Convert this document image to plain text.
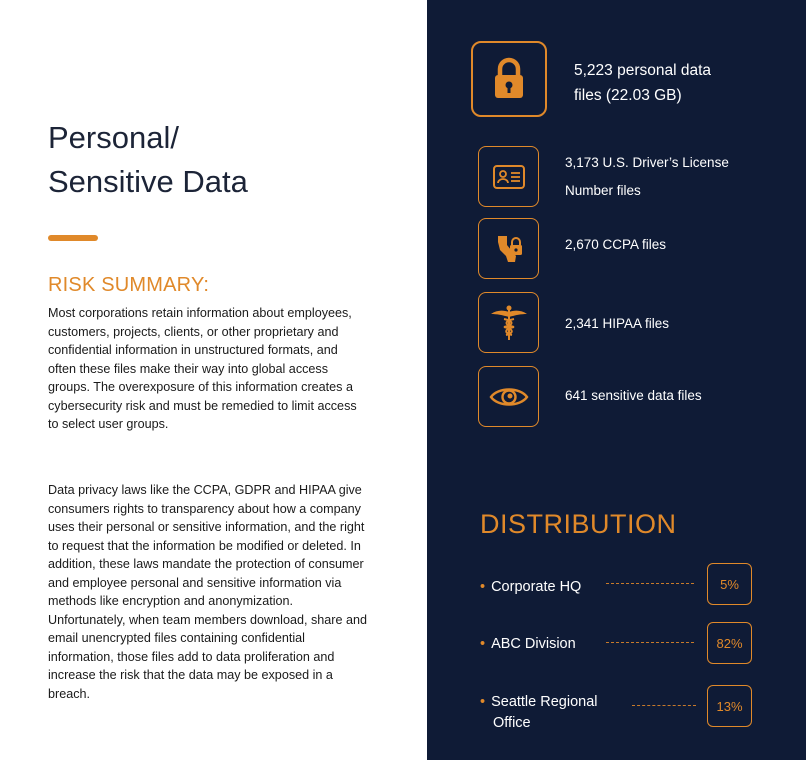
Personal/
Sensitive Data
RISK SUMMARY:

Most corporations retain information about employees, customers, projects, clients, or other proprietary and confidential information in unstructured formats, and often these files make their way into global access groups. The overexposure of this information creates a cybersecurity risk and must be remedied to limit access to select user groups.

Data privacy laws like the CCPA, GDPR and HIPAA give consumers rights to transparency about how a company uses their personal or sensitive information, and the right to request that the information be modified or deleted. In addition, these laws mandate the protection of consumer and employee personal and sensitive information via methods like encryption and anonymization. Unfortunately, when team members download, share and email unencrypted files containing confidential information, those files add to data proliferation and increase the risk that the data may be exposed in a breach.

5,223 personal data
files (22.03 GB)
3,173 U.S. Driver’s License
Number files
2,670 CCPA files
2,341 HIPAA files
641 sensitive data files
DISTRIBUTION
• Corporate HQ	5%
• ABC Division	82%
• Seattle Regional
Office
13%
